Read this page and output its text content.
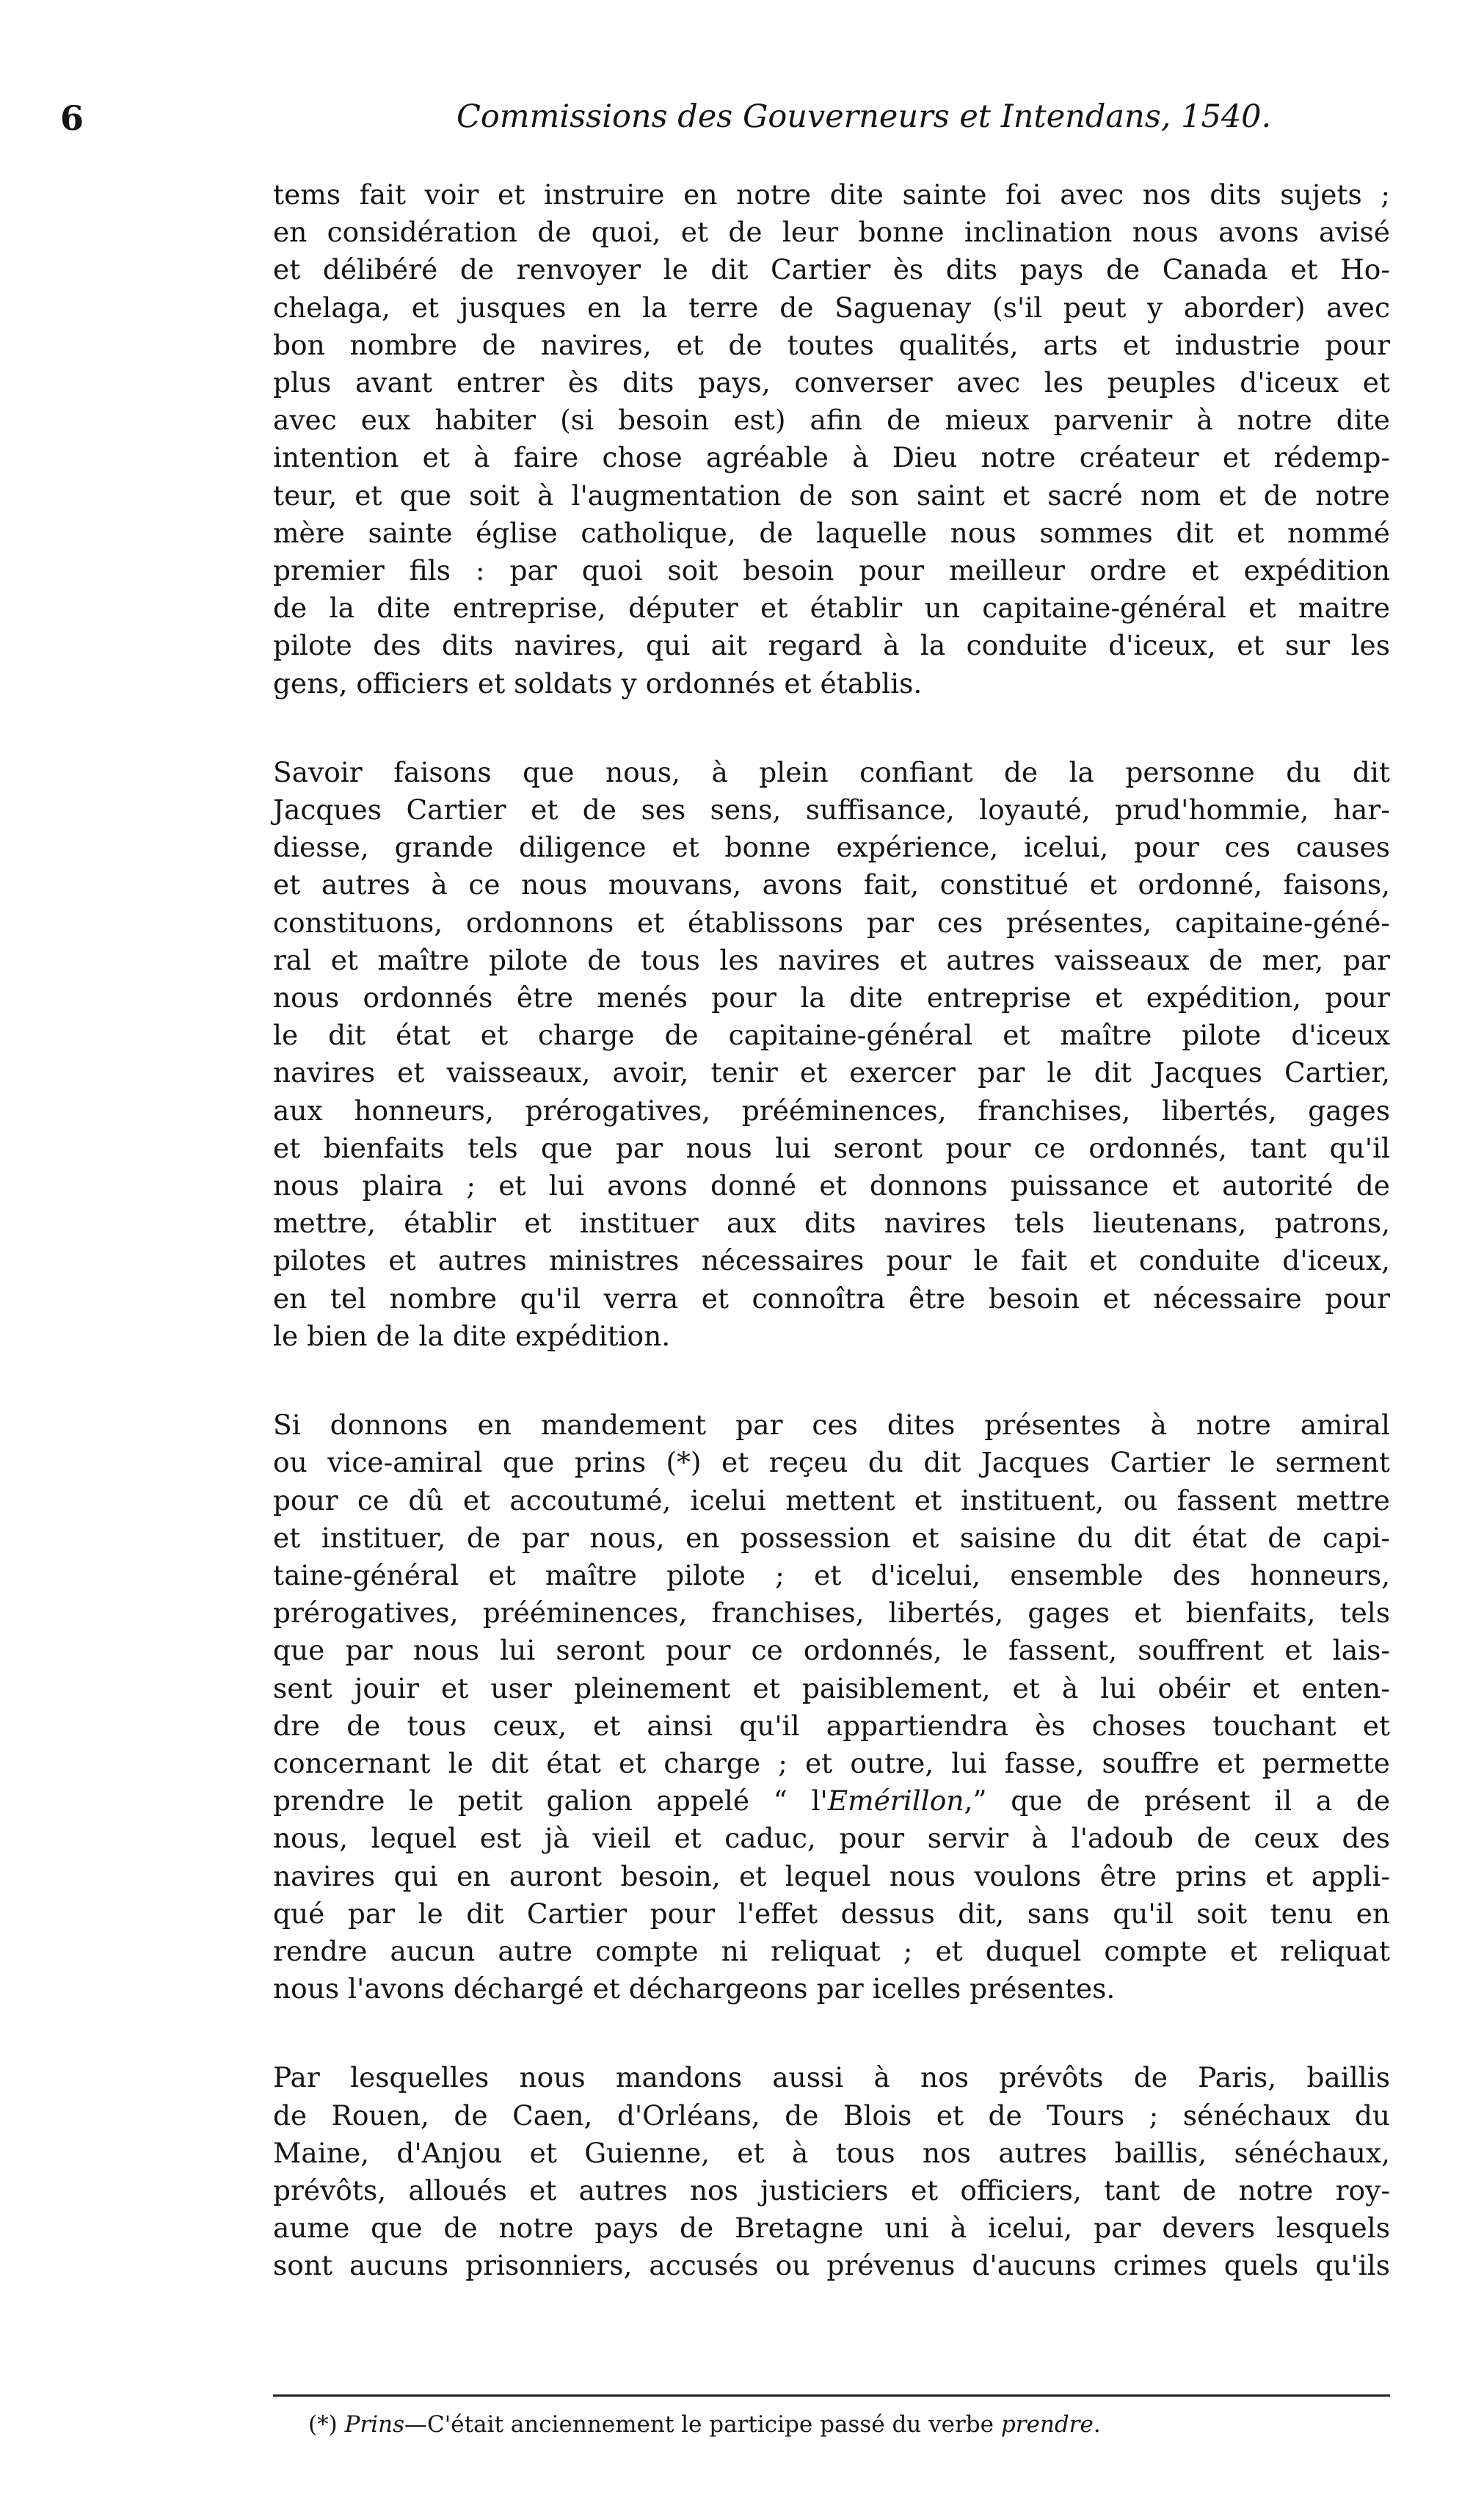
6	Commissions des Gouverneurs et Intendans, 1540.
tems fait voir et instruire en notre dite sainte foi avec nos dits sujets ;
en considération de quoi, et de leur bonne inclination nous avons avisé
et délibéré de renvoyer le dit Cartier ès dits pays de Canada et Ho-
chelaga, et jusques en la terre de Saguenay (s'il peut y aborder) avec
bon nombre de navires, et de toutes qualités, arts et industrie pour
plus avant entrer ès dits pays, converser avec les peuples d'iceux et
avec eux habiter (si besoin est) afin de mieux parvenir à notre dite
intention et à faire chose agréable à Dieu notre créateur et rédemp-
teur, et que soit à l'augmentation de son saint et sacré nom et de notre
mère sainte église catholique, de laquelle nous sommes dit et nommé
premier fils : par quoi soit besoin pour meilleur ordre et expédition
de la dite entreprise, députer et établir un capitaine-général et maitre
pilote des dits navires, qui ait regard à la conduite d'iceux, et sur les
gens, officiers et soldats y ordonnés et établis.
Savoir faisons que nous, à plein confiant de la personne du dit
Jacques Cartier et de ses sens, suffisance, loyauté, prud'hommie, har-
diesse, grande diligence et bonne expérience, icelui, pour ces causes
et autres à ce nous mouvans, avons fait, constitué et ordonné, faisons,
constituons, ordonnons et établissons par ces présentes, capitaine-géné-
ral et maître pilote de tous les navires et autres vaisseaux de mer, par
nous ordonnés être menés pour la dite entreprise et expédition, pour
le dit état et charge de capitaine-général et maître pilote d'iceux
navires et vaisseaux, avoir, tenir et exercer par le dit Jacques Cartier,
aux honneurs, prérogatives, prééminences, franchises, libertés, gages
et bienfaits tels que par nous lui seront pour ce ordonnés, tant qu'il
nous plaira ; et lui avons donné et donnons puissance et autorité de
mettre, établir et instituer aux dits navires tels lieutenans, patrons,
pilotes et autres ministres nécessaires pour le fait et conduite d'iceux,
en tel nombre qu'il verra et connoîtra être besoin et nécessaire pour
le bien de la dite expédition.
Si donnons en mandement par ces dites présentes à notre amiral
ou vice-amiral que prins (*) et reçeu du dit Jacques Cartier le serment
pour ce dû et accoutumé, icelui mettent et instituent, ou fassent mettre
et instituer, de par nous, en possession et saisine du dit état de capi-
taine-général et maître pilote ; et d'icelui, ensemble des honneurs,
prérogatives, prééminences, franchises, libertés, gages et bienfaits, tels
que par nous lui seront pour ce ordonnés, le fassent, souffrent et lais-
sent jouir et user pleinement et paisiblement, et à lui obéir et enten-
dre de tous ceux, et ainsi qu'il appartiendra ès choses touchant et
concernant le dit état et charge ; et outre, lui fasse, souffre et permette
prendre le petit galion appelé “ l'Emérillon,” que de présent il a de
nous, lequel est jà vieil et caduc, pour servir à l'adoub de ceux des
navires qui en auront besoin, et lequel nous voulons être prins et appli-
qué par le dit Cartier pour l'effet dessus dit, sans qu'il soit tenu en
rendre aucun autre compte ni reliquat ; et duquel compte et reliquat
nous l'avons déchargé et déchargeons par icelles présentes.
Par lesquelles nous mandons aussi à nos prévôts de Paris, baillis
de Rouen, de Caen, d'Orléans, de Blois et de Tours ; sénéchaux du
Maine, d'Anjou et Guienne, et à tous nos autres baillis, sénéchaux,
prévôts, alloués et autres nos justiciers et officiers, tant de notre roy-
aume que de notre pays de Bretagne uni à icelui, par devers lesquels
sont aucuns prisonniers, accusés ou prévenus d'aucuns crimes quels qu'ils
(*) Prins—C'était anciennement le participe passé du verbe prendre.
